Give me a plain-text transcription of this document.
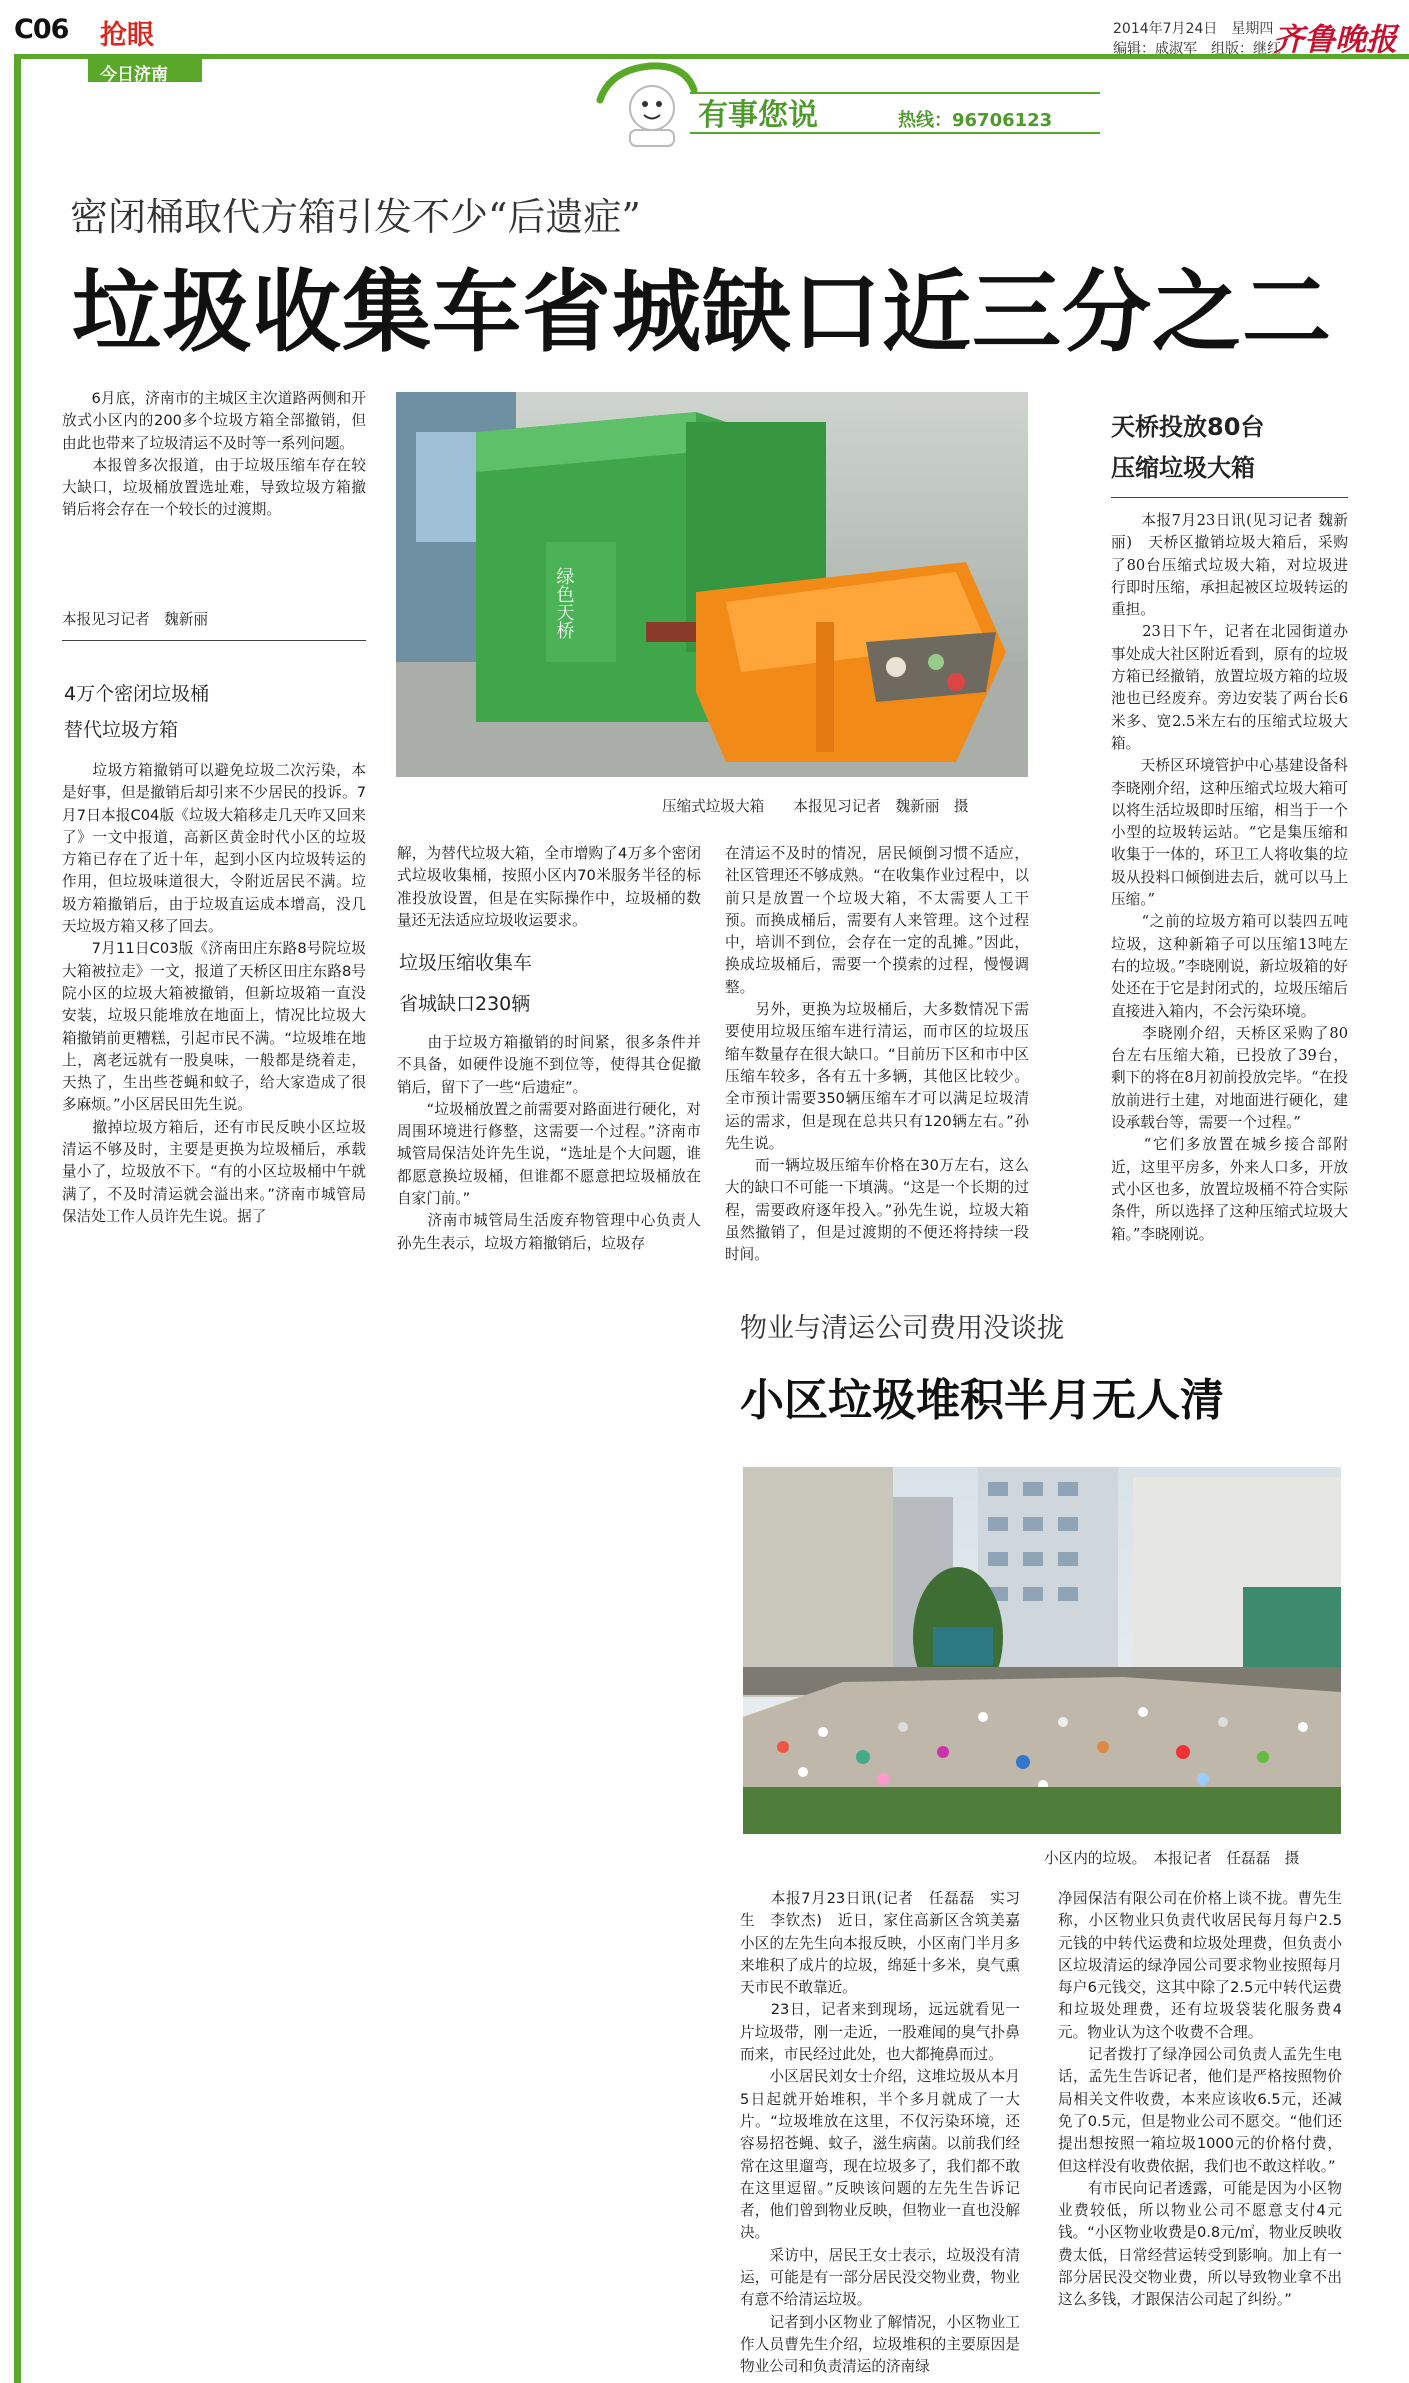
C06 抢眼
今日济南
2014年7月24日　星期四
编辑：戚淑军　组版：继红
齐鲁晚报
有事您说	热线：96706123
密闭桶取代方箱引发不少“后遗症”
垃圾收集车省城缺口近三分之二
　　6月底，济南市的主城区主次道路两侧和开放式小区内的200多个垃圾方箱全部撤销，但由此也带来了垃圾清运不及时等一系列问题。
　　本报曾多次报道，由于垃圾压缩车存在较大缺口，垃圾桶放置选址难，导致垃圾方箱撤销后将会存在一个较长的过渡期。
本报见习记者　魏新丽
4万个密闭垃圾桶
替代垃圾方箱
　　垃圾方箱撤销可以避免垃圾二次污染，本是好事，但是撤销后却引来不少居民的投诉。7月7日本报C04版《垃圾大箱移走几天咋又回来了》一文中报道，高新区黄金时代小区的垃圾方箱已存在了近十年，起到小区内垃圾转运的作用，但垃圾味道很大，令附近居民不满。垃圾方箱撤销后，由于垃圾直运成本增高，没几天垃圾方箱又移了回去。
　　7月11日C03版《济南田庄东路8号院垃圾大箱被拉走》一文，报道了天桥区田庄东路8号院小区的垃圾大箱被撤销，但新垃圾箱一直没安装，垃圾只能堆放在地面上，情况比垃圾大箱撤销前更糟糕，引起市民不满。“垃圾堆在地上，离老远就有一股臭味，一般都是绕着走，天热了，生出些苍蝇和蚊子，给大家造成了很多麻烦。”小区居民田先生说。
　　撤掉垃圾方箱后，还有市民反映小区垃圾清运不够及时，主要是更换为垃圾桶后，承载量小了，垃圾放不下。“有的小区垃圾桶中午就满了，不及时清运就会溢出来。”济南市城管局保洁处工作人员许先生说。据了
绿色天桥
压缩式垃圾大箱　　本报见习记者　魏新丽　摄
解，为替代垃圾大箱，全市增购了4万多个密闭式垃圾收集桶，按照小区内70米服务半径的标准投放设置，但是在实际操作中，垃圾桶的数量还无法适应垃圾收运要求。
垃圾压缩收集车
省城缺口230辆
　　由于垃圾方箱撤销的时间紧，很多条件并不具备，如硬件设施不到位等，使得其仓促撤销后，留下了一些“后遗症”。
　　“垃圾桶放置之前需要对路面进行硬化，对周围环境进行修整，这需要一个过程。”济南市城管局保洁处许先生说，“选址是个大问题，谁都愿意换垃圾桶，但谁都不愿意把垃圾桶放在自家门前。”
　　济南市城管局生活废弃物管理中心负责人孙先生表示，垃圾方箱撤销后，垃圾存
在清运不及时的情况，居民倾倒习惯不适应，社区管理还不够成熟。“在收集作业过程中，以前只是放置一个垃圾大箱，不太需要人工干预。而换成桶后，需要有人来管理。这个过程中，培训不到位，会存在一定的乱摊。”因此，换成垃圾桶后，需要一个摸索的过程，慢慢调整。
　　另外，更换为垃圾桶后，大多数情况下需要使用垃圾压缩车进行清运，而市区的垃圾压缩车数量存在很大缺口。“目前历下区和市中区压缩车较多，各有五十多辆，其他区比较少。全市预计需要350辆压缩车才可以满足垃圾清运的需求，但是现在总共只有120辆左右。”孙先生说。
　　而一辆垃圾压缩车价格在30万左右，这么大的缺口不可能一下填满。“这是一个长期的过程，需要政府逐年投入。”孙先生说，垃圾大箱虽然撤销了，但是过渡期的不便还将持续一段时间。
天桥投放80台
压缩垃圾大箱
　　本报7月23日讯(见习记者 魏新丽)　天桥区撤销垃圾大箱后，采购了80台压缩式垃圾大箱，对垃圾进行即时压缩，承担起被区垃圾转运的重担。
　　23日下午，记者在北园街道办事处成大社区附近看到，原有的垃圾方箱已经撤销，放置垃圾方箱的垃圾池也已经废弃。旁边安装了两台长6米多、宽2.5米左右的压缩式垃圾大箱。
　　天桥区环境管护中心基建设备科李晓刚介绍，这种压缩式垃圾大箱可以将生活垃圾即时压缩，相当于一个小型的垃圾转运站。“它是集压缩和收集于一体的，环卫工人将收集的垃圾从投料口倾倒进去后，就可以马上压缩。”
　　“之前的垃圾方箱可以装四五吨垃圾，这种新箱子可以压缩13吨左右的垃圾。”李晓刚说，新垃圾箱的好处还在于它是封闭式的，垃圾压缩后直接进入箱内，不会污染环境。
　　李晓刚介绍，天桥区采购了80台左右压缩大箱，已投放了39台，剩下的将在8月初前投放完毕。“在投放前进行土建，对地面进行硬化，建设承载台等，需要一个过程。”
　　“它们多放置在城乡接合部附近，这里平房多，外来人口多，开放式小区也多，放置垃圾桶不符合实际条件，所以选择了这种压缩式垃圾大箱。”李晓刚说。
物业与清运公司费用没谈拢
小区垃圾堆积半月无人清
小区内的垃圾。　本报记者　任磊磊　摄
　　本报7月23日讯(记者　任磊磊　实习生　李钦杰)　近日，家住高新区含筑美嘉小区的左先生向本报反映，小区南门半月多来堆积了成片的垃圾，绵延十多米，臭气熏天市民不敢靠近。
　　23日，记者来到现场，远远就看见一片垃圾带，刚一走近，一股难闻的臭气扑鼻而来，市民经过此处，也大都掩鼻而过。
　　小区居民刘女士介绍，这堆垃圾从本月5日起就开始堆积，半个多月就成了一大片。“垃圾堆放在这里，不仅污染环境，还容易招苍蝇、蚊子，滋生病菌。以前我们经常在这里遛弯，现在垃圾多了，我们都不敢在这里逗留。”反映该问题的左先生告诉记者，他们曾到物业反映，但物业一直也没解决。
　　采访中，居民王女士表示，垃圾没有清运，可能是有一部分居民没交物业费，物业有意不给清运垃圾。
　　记者到小区物业了解情况，小区物业工作人员曹先生介绍，垃圾堆积的主要原因是物业公司和负责清运的济南绿
净园保洁有限公司在价格上谈不拢。曹先生称，小区物业只负责代收居民每月每户2.5元钱的中转代运费和垃圾处理费，但负责小区垃圾清运的绿净园公司要求物业按照每月每户6元钱交，这其中除了2.5元中转代运费和垃圾处理费，还有垃圾袋装化服务费4元。物业认为这个收费不合理。
　　记者拨打了绿净园公司负责人孟先生电话，孟先生告诉记者，他们是严格按照物价局相关文件收费，本来应该收6.5元，还减免了0.5元，但是物业公司不愿交。“他们还提出想按照一箱垃圾1000元的价格付费，但这样没有收费依据，我们也不敢这样收。”
　　有市民向记者透露，可能是因为小区物业费较低，所以物业公司不愿意支付4元钱。“小区物业收费是0.8元/㎡，物业反映收费太低，日常经营运转受到影响。加上有一部分居民没交物业费，所以导致物业拿不出这么多钱，才跟保洁公司起了纠纷。”
